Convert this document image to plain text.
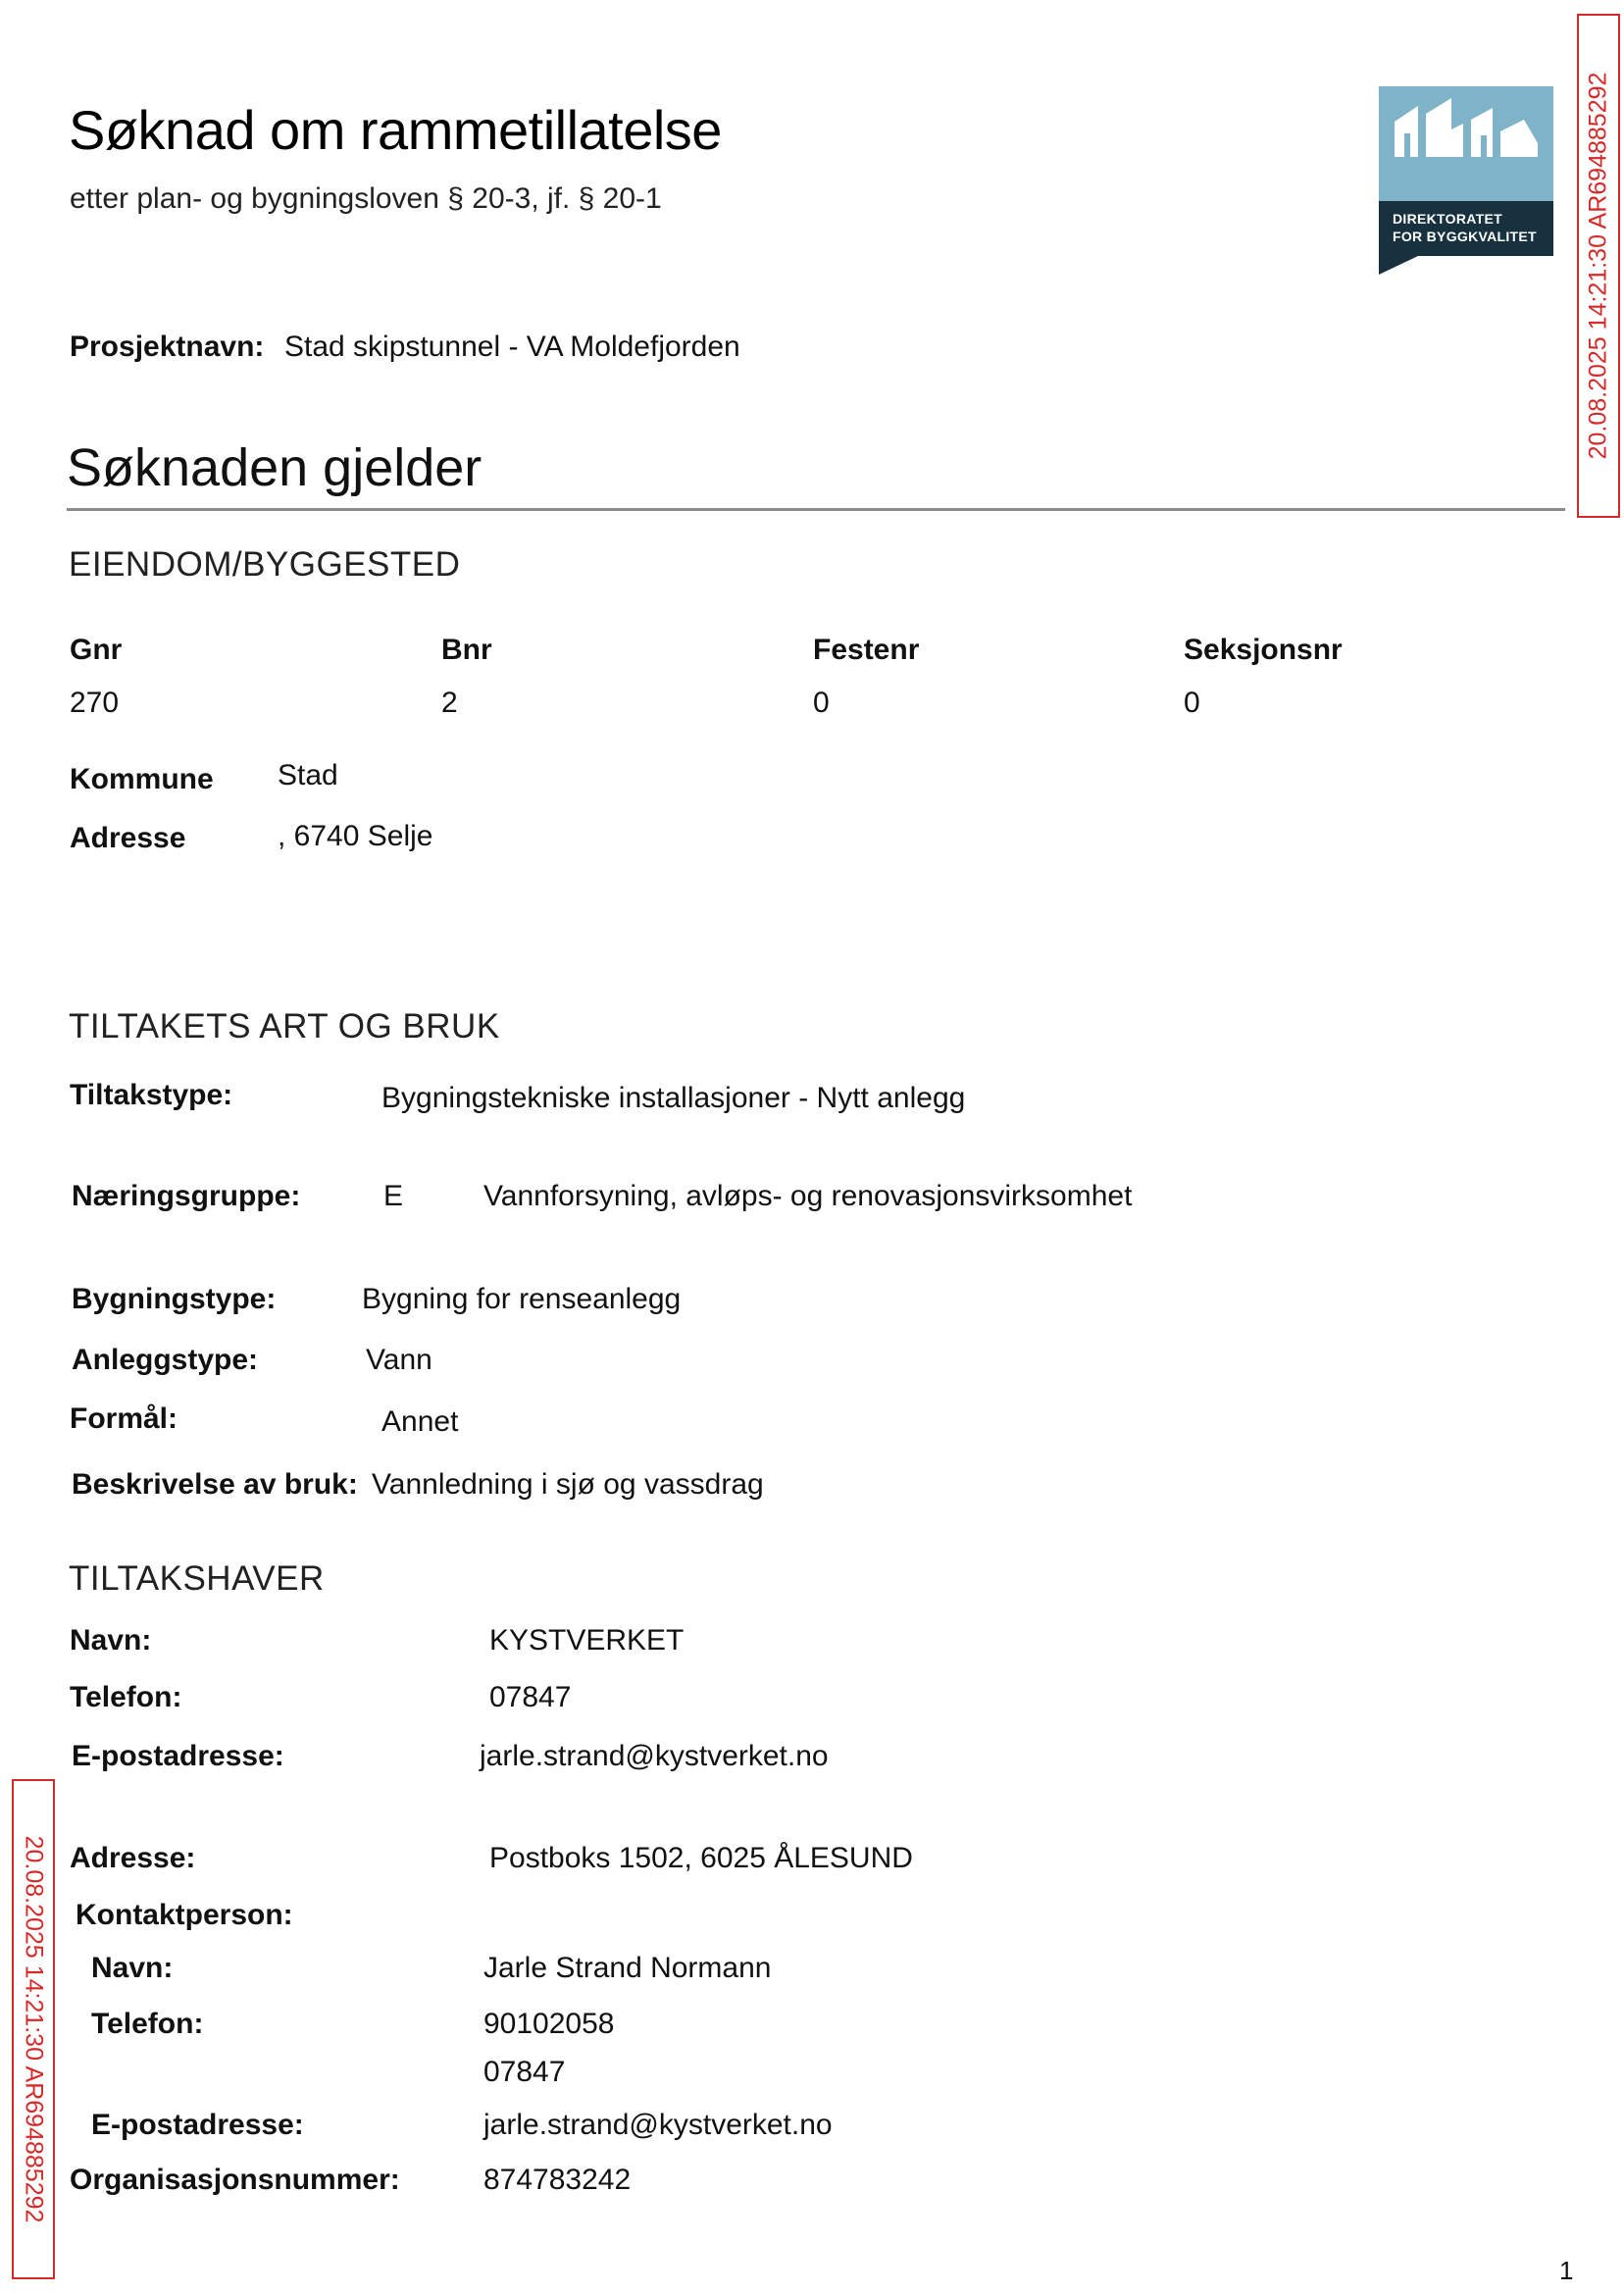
Søknad om rammetillatelse
etter plan- og bygningsloven § 20-3, jf. § 20-1
DIREKTORATET
FOR BYGGKVALITET 20.08.2025 14:21:30 AR694885292
20.08.2025 14:21:30 AR694885292
Prosjektnavn: Stad skipstunnel - VA Moldefjorden
Søknaden gjelder
EIENDOM/BYGGESTED
Gnr	Bnr	Festenr	Seksjonsnr
270	2	0	0
Kommune Stad
Adresse	, 6740 Selje
TILTAKETS ART OG BRUK
Tiltakstype:	Bygningstekniske installasjoner - Nytt anlegg
Næringsgruppe:	E	Vannforsyning, avløps- og renovasjonsvirksomhet
Bygningstype:	Bygning for renseanlegg
Anleggstype:	Vann
Formål:	Annet
Beskrivelse av bruk: Vannledning i sjø og vassdrag
TILTAKSHAVER
Navn:	KYSTVERKET
Telefon:	07847
E-postadresse:	jarle.strand@kystverket.no
Adresse:	Postboks 1502, 6025 ÅLESUND
Kontaktperson:
Navn:	Jarle Strand Normann
Telefon:	90102058
07847
E-postadresse:	jarle.strand@kystverket.no
Organisasjonsnummer:	874783242
1
